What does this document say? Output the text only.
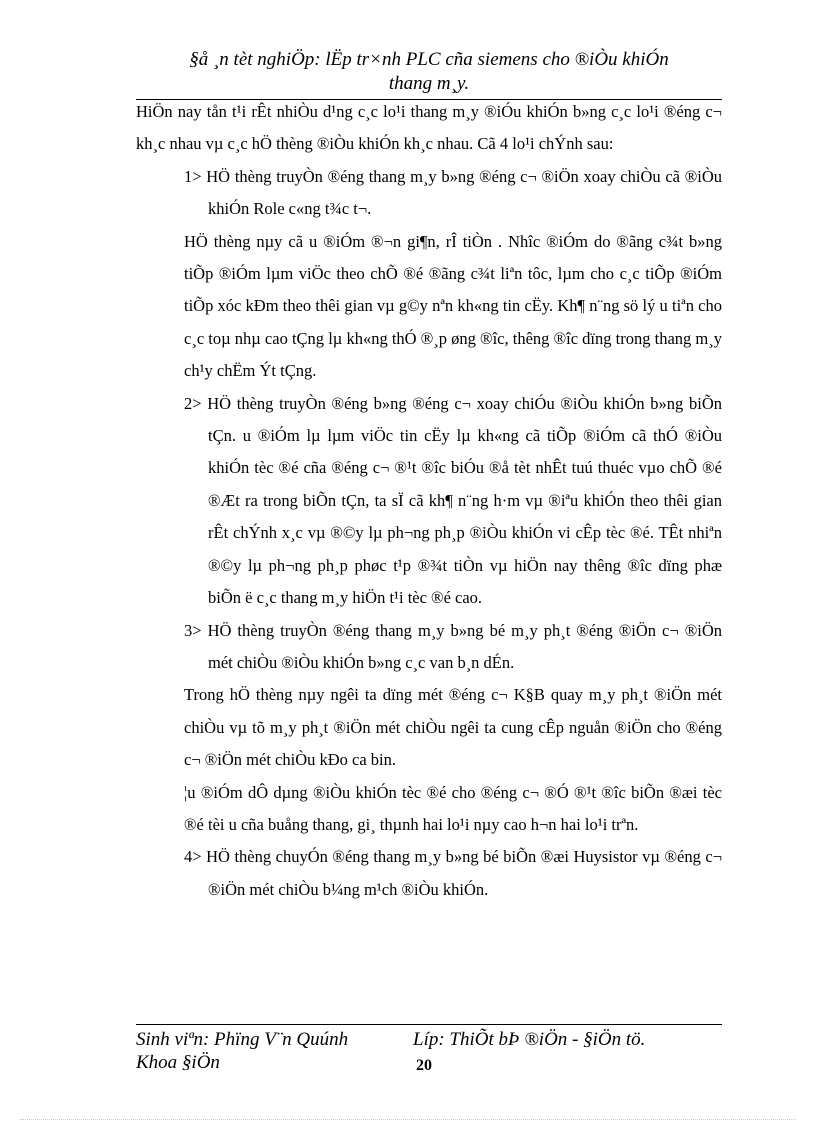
§å ¸n tèt nghiÖp: lËp tr×nh PLC cña siemens cho ®iÒu khiÓn
thang m¸y.

HiÖn nay tån t¹i rÊt nhiÒu d¹ng c¸c lo¹i thang m¸y ®iÓu khiÓn b»ng c¸c lo¹i ®éng c¬ kh¸c nhau vµ c¸c hÖ thèng ®iÒu khiÓn kh¸c nhau. Cã 4 lo¹i chÝnh sau:

1> HÖ thèng truyÒn ®éng thang m¸y b»ng ®éng c¬ ®iÖn xoay chiÒu cã ®iÒu khiÓn Role c«ng t¾c t¬.

HÖ thèng nµy cã u ®iÓm ®¬n gi¶n, rÎ tiÒn . Nhîc ®iÓm do ®ãng c¾t b»ng tiÕp ®iÓm lµm viÖc theo chÕ ®é ®ãng c¾t liªn tôc, lµm cho c¸c tiÕp ®iÓm tiÕp xóc kÐm theo thêi gian vµ g©y nªn kh«ng tin cËy. Kh¶ n¨ng sö lý u tiªn cho c¸c toµ nhµ cao tÇng lµ kh«ng thÓ ®¸p øng ®îc, thêng ®îc dïng trong thang m¸y ch¹y chËm Ýt tÇng.

2> HÖ thèng truyÒn ®éng b»ng ®éng c¬ xoay chiÓu ®iÒu khiÓn b»ng biÕn tÇn. u ®iÓm lµ lµm viÖc tin cËy lµ kh«ng cã tiÕp ®iÓm cã thÓ ®iÒu khiÓn tèc ®é cña ®éng c¬ ®¹t ®îc biÓu ®å tèt nhÊt tuú thuéc vµo chÕ ®é ®Æt ra trong biÕn tÇn, ta sÏ cã kh¶ n¨ng h·m vµ ®iªu khiÓn theo thêi gian rÊt chÝnh x¸c vµ ®©y lµ ph¬ng ph¸p ®iÒu khiÓn vi cÊp tèc ®é. TÊt nhiªn ®©y lµ ph¬ng ph¸p phøc t¹p ®¾t tiÒn vµ hiÖn nay thêng ®îc dïng phæ biÕn ë c¸c thang m¸y hiÖn t¹i tèc ®é cao.

3> HÖ thèng truyÒn ®éng thang m¸y b»ng bé m¸y ph¸t ®éng ®iÖn c¬ ®iÖn mét chiÒu ®iÒu khiÓn b»ng c¸c van b¸n dÉn.

Trong hÖ thèng nµy ngêi ta dïng mét ®éng c¬ K§B quay m¸y ph¸t ®iÖn mét chiÒu vµ tõ m¸y ph¸t ®iÖn mét chiÒu ngêi ta cung cÊp nguån ®iÖn cho ®éng c¬ ®iÖn mét chiÒu kÐo ca bin.

¦u ®iÓm dÔ dµng ®iÒu khiÓn tèc ®é cho ®éng c¬ ®Ó ®¹t ®îc biÕn ®æi tèc ®é tèi u cña buång thang, gi¸ thµnh hai lo¹i nµy cao h¬n hai lo¹i trªn.

4> HÖ thèng chuyÓn ®éng thang m¸y b»ng bé biÕn ®æi Huysistor vµ ®éng c¬ ®iÖn mét chiÒu b¼ng m¹ch ®iÒu khiÓn.

Sinh viªn: Phïng V¨n Quúnh	Líp: ThiÕt bÞ ®iÖn - §iÖn tö.
Khoa §iÖn	20
